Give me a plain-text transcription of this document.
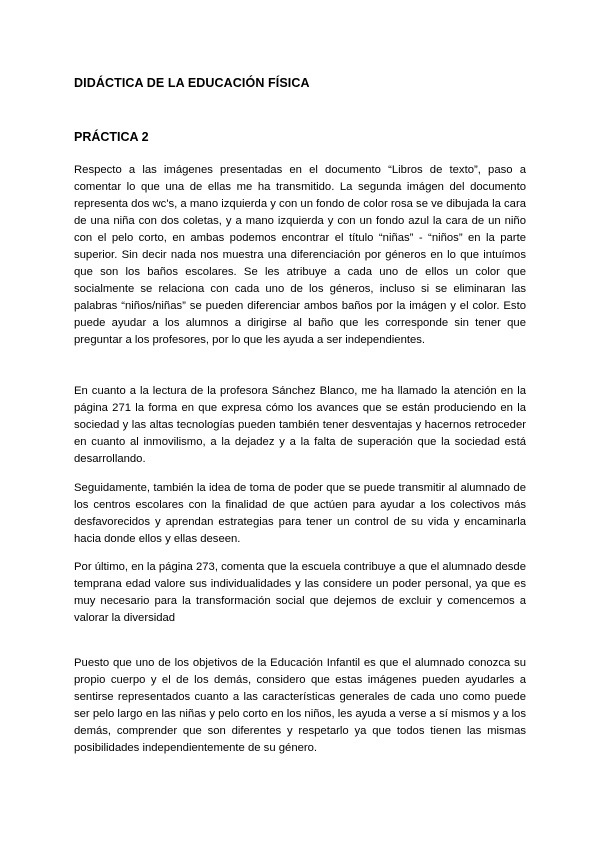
DIDÁCTICA DE LA EDUCACIÓN FÍSICA
PRÁCTICA 2

Respecto a las imágenes presentadas en el documento “Libros de texto”, paso a comentar lo que una de ellas me ha transmitido. La segunda imágen del documento representa dos wc's, a mano izquierda y con un fondo de color rosa se ve dibujada la cara de una niña con dos coletas, y a mano izquierda y con un fondo azul la cara de un niño con el pelo corto, en ambas podemos encontrar el título “niñas” - “niños” en la parte superior. Sin decir nada nos muestra una diferenciación por géneros en lo que intuímos que son los baños escolares. Se les atribuye a cada uno de ellos un color que socialmente se relaciona con cada uno de los géneros, incluso si se eliminaran las palabras “niños/niñas” se pueden diferenciar ambos baños por la imágen y el color. Esto puede ayudar a los alumnos a dirigirse al baño que les corresponde sin tener que preguntar a los profesores, por lo que les ayuda a ser independientes.

En cuanto a la lectura de la profesora Sánchez Blanco, me ha llamado la atención en la página 271 la forma en que expresa cómo los avances que se están produciendo en la sociedad y las altas tecnologías pueden también tener desventajas y hacernos retroceder en cuanto al inmovilismo, a la dejadez y a la falta de superación que la sociedad está desarrollando.

Seguidamente, también la idea de toma de poder que se puede transmitir al alumnado de los centros escolares con la finalidad de que actúen para ayudar a los colectivos más desfavorecidos y aprendan estrategias para tener un control de su vida y encaminarla hacia donde ellos y ellas deseen.

Por último, en la página 273, comenta que la escuela contribuye a que el alumnado desde temprana edad valore sus individualidades y las considere un poder personal, ya que es muy necesario para la transformación social que dejemos de excluir y comencemos a valorar la diversidad

Puesto que uno de los objetivos de la Educación Infantil es que el alumnado conozca su propio cuerpo y el de los demás, considero que estas imágenes pueden ayudarles a sentirse representados cuanto a las características generales de cada uno como puede ser pelo largo en las niñas y pelo corto en los niños, les ayuda a verse a sí mismos y a los demás, comprender que son diferentes y respetarlo ya que todos tienen las mismas posibilidades independientemente de su género.
